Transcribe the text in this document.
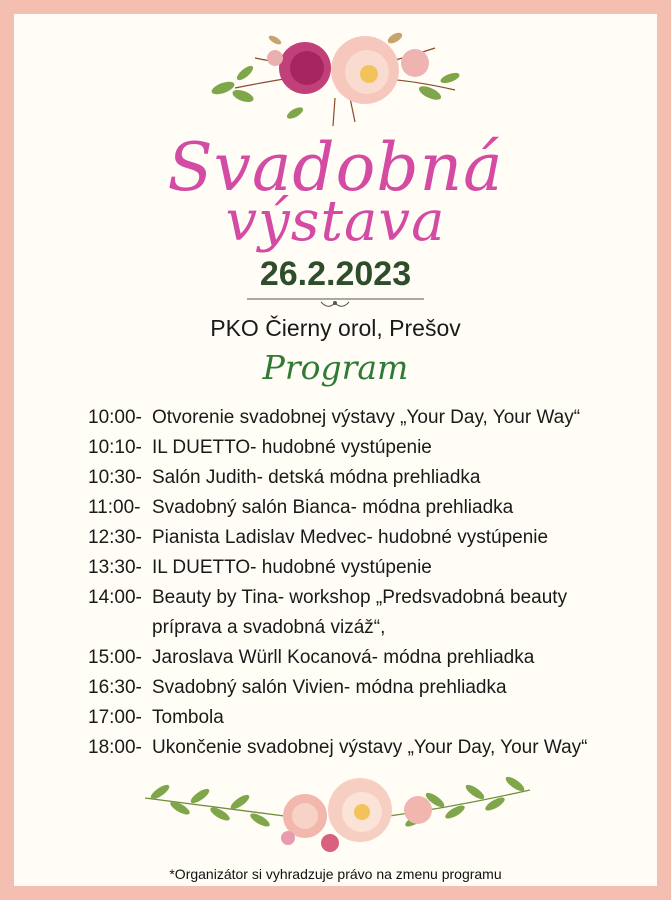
Svadobná
výstava
26.2.2023
PKO Čierny orol, Prešov
Program
10:00- Otvorenie svadobnej výstavy „Your Day, Your Way“
10:10- IL DUETTO- hudobné vystúpenie
10:30- Salón Judith- detská módna prehliadka
11:00- Svadobný salón Bianca- módna prehliadka
12:30- Pianista Ladislav Medvec- hudobné vystúpenie
13:30- IL DUETTO- hudobné vystúpenie
14:00- Beauty by Tina- workshop „Predsvadobná beauty
príprava a svadobná vizáž“,
15:00- Jaroslava Würll Kocanová- módna prehliadka
16:30- Svadobný salón Vivien- módna prehliadka
17:00- Tombola
18:00- Ukončenie svadobnej výstavy „Your Day, Your Way“
*Organizátor si vyhradzuje právo na zmenu programu
